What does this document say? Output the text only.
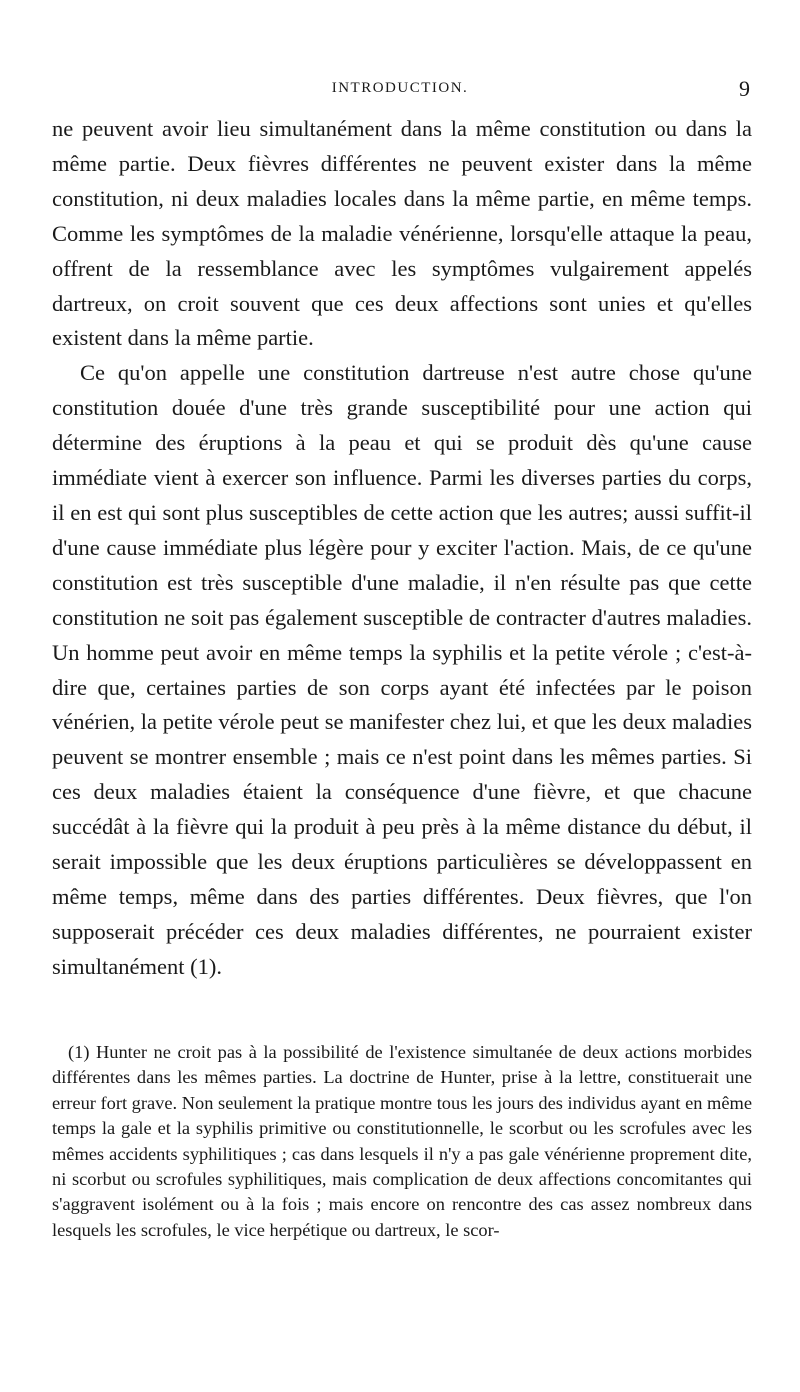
INTRODUCTION.	9

ne peuvent avoir lieu simultanément dans la même constitution ou dans la même partie. Deux fièvres différentes ne peuvent exister dans la même constitution, ni deux maladies locales dans la même partie, en même temps. Comme les symptômes de la maladie vénérienne, lorsqu'elle attaque la peau, offrent de la ressemblance avec les symptômes vulgairement appelés dartreux, on croit souvent que ces deux affections sont unies et qu'elles existent dans la même partie.

Ce qu'on appelle une constitution dartreuse n'est autre chose qu'une constitution douée d'une très grande susceptibilité pour une action qui détermine des éruptions à la peau et qui se produit dès qu'une cause immédiate vient à exercer son influence. Parmi les diverses parties du corps, il en est qui sont plus susceptibles de cette action que les autres; aussi suffit-il d'une cause immédiate plus légère pour y exciter l'action. Mais, de ce qu'une constitution est très susceptible d'une maladie, il n'en résulte pas que cette constitution ne soit pas également susceptible de contracter d'autres maladies. Un homme peut avoir en même temps la syphilis et la petite vérole ; c'est-à-dire que, certaines parties de son corps ayant été infectées par le poison vénérien, la petite vérole peut se manifester chez lui, et que les deux maladies peuvent se montrer ensemble ; mais ce n'est point dans les mêmes parties. Si ces deux maladies étaient la conséquence d'une fièvre, et que chacune succédât à la fièvre qui la produit à peu près à la même distance du début, il serait impossible que les deux éruptions particulières se développassent en même temps, même dans des parties différentes. Deux fièvres, que l'on supposerait précéder ces deux maladies différentes, ne pourraient exister simultanément (1).

(1) Hunter ne croit pas à la possibilité de l'existence simultanée de deux actions morbides différentes dans les mêmes parties. La doctrine de Hunter, prise à la lettre, constituerait une erreur fort grave. Non seulement la pratique montre tous les jours des individus ayant en même temps la gale et la syphilis primitive ou constitutionnelle, le scorbut ou les scrofules avec les mêmes accidents syphilitiques ; cas dans lesquels il n'y a pas gale vénérienne proprement dite, ni scorbut ou scrofules syphilitiques, mais complication de deux affections concomitantes qui s'aggravent isolément ou à la fois ; mais encore on rencontre des cas assez nombreux dans lesquels les scrofules, le vice herpétique ou dartreux, le scor-
